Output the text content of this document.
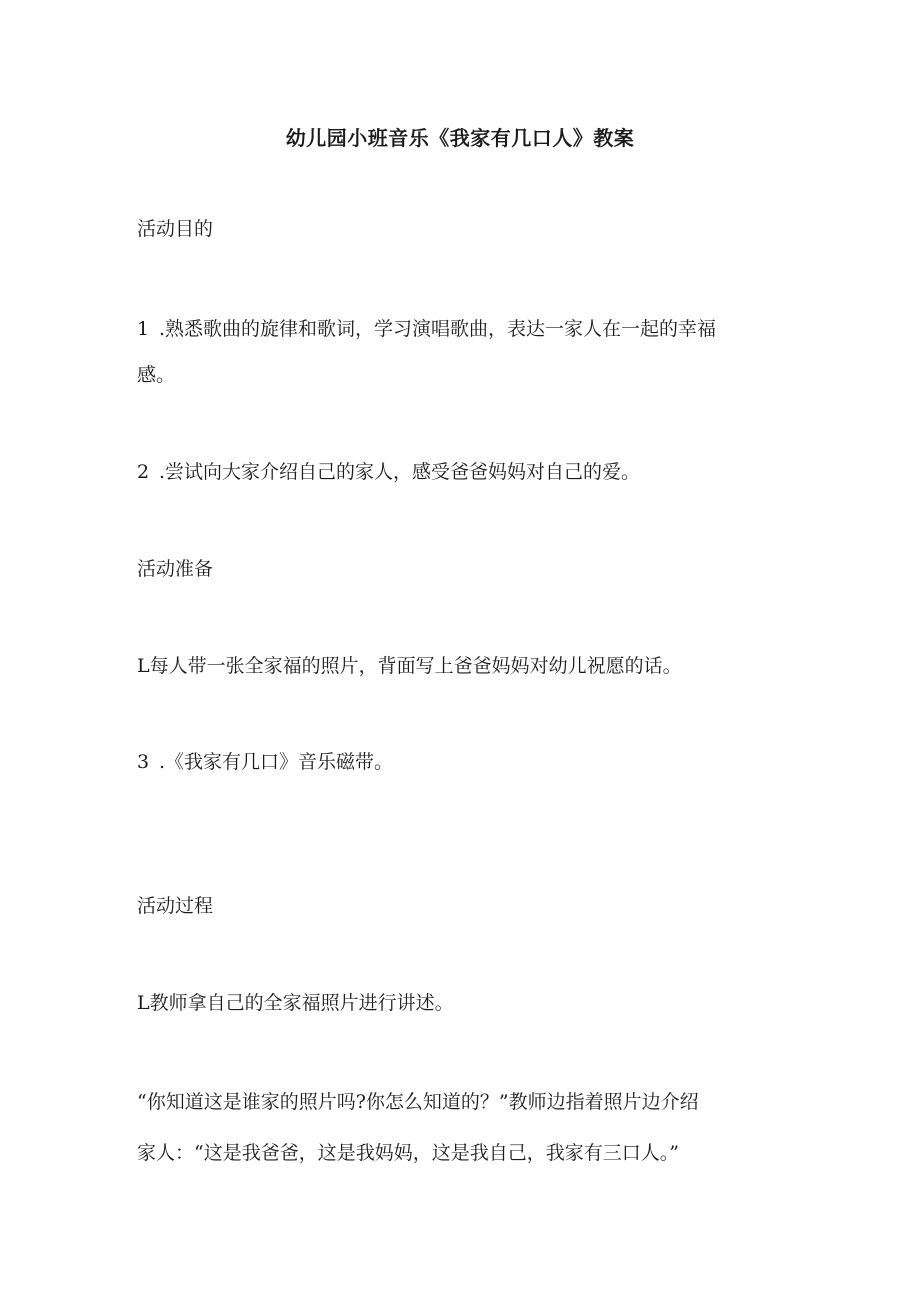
幼儿园小班音乐《我家有几口人》教案
活动目的
1 .熟悉歌曲的旋律和歌词，学习演唱歌曲，表达一家人在一起的幸福
感。
2 .尝试向大家介绍自己的家人，感受爸爸妈妈对自己的爱。
活动准备
L每人带一张全家福的照片，背面写上爸爸妈妈对幼儿祝愿的话。
3 .《我家有几口》音乐磁带。
活动过程
L教师拿自己的全家福照片进行讲述。
“你知道这是谁家的照片吗?你怎么知道的？”教师边指着照片边介绍
家人：“这是我爸爸，这是我妈妈，这是我自己，我家有三口人。”
